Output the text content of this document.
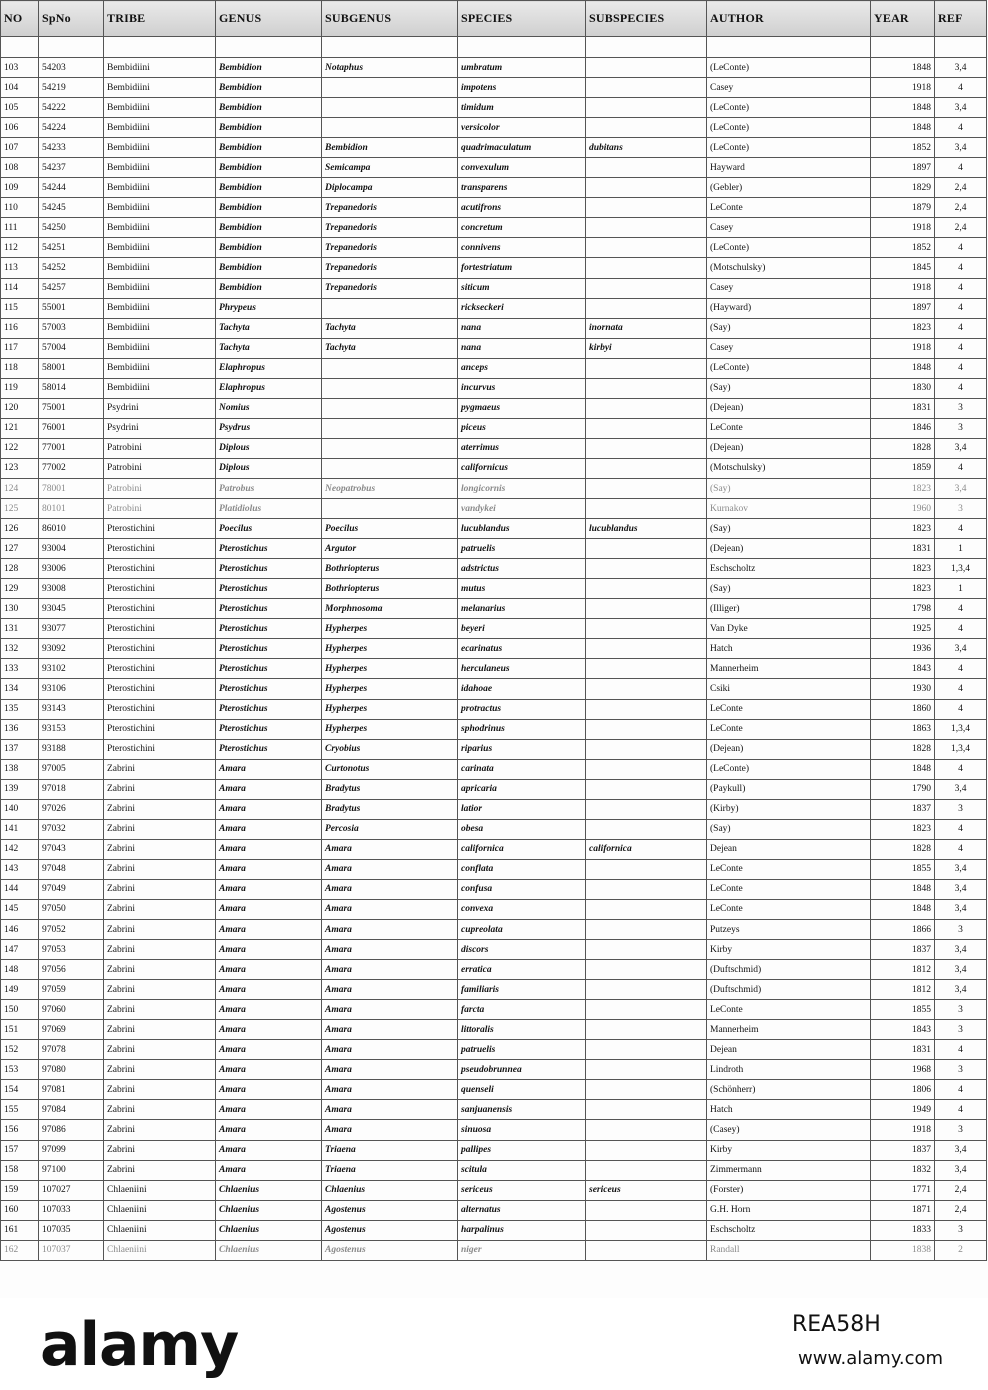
NO	SpNo	TRIBE	GENUS	SUBGENUS	SPECIES	SUBSPECIES	AUTHOR	YEAR	REF

103	54203	Bembidiini	Bembidion	Notaphus	umbratum		(LeConte)	1848	3,4
104	54219	Bembidiini	Bembidion		impotens		Casey	1918	4
105	54222	Bembidiini	Bembidion		timidum		(LeConte)	1848	3,4
106	54224	Bembidiini	Bembidion		versicolor		(LeConte)	1848	4
107	54233	Bembidiini	Bembidion	Bembidion	quadrimaculatum	dubitans	(LeConte)	1852	3,4
108	54237	Bembidiini	Bembidion	Semicampa	convexulum		Hayward	1897	4
109	54244	Bembidiini	Bembidion	Diplocampa	transparens		(Gebler)	1829	2,4
110	54245	Bembidiini	Bembidion	Trepanedoris	acutifrons		LeConte	1879	2,4
111	54250	Bembidiini	Bembidion	Trepanedoris	concretum		Casey	1918	2,4
112	54251	Bembidiini	Bembidion	Trepanedoris	connivens		(LeConte)	1852	4
113	54252	Bembidiini	Bembidion	Trepanedoris	fortestriatum		(Motschulsky)	1845	4
114	54257	Bembidiini	Bembidion	Trepanedoris	siticum		Casey	1918	4
115	55001	Bembidiini	Phrypeus		rickseckeri		(Hayward)	1897	4
116	57003	Bembidiini	Tachyta	Tachyta	nana	inornata	(Say)	1823	4
117	57004	Bembidiini	Tachyta	Tachyta	nana	kirbyi	Casey	1918	4
118	58001	Bembidiini	Elaphropus		anceps		(LeConte)	1848	4
119	58014	Bembidiini	Elaphropus		incurvus		(Say)	1830	4
120	75001	Psydrini	Nomius		pygmaeus		(Dejean)	1831	3
121	76001	Psydrini	Psydrus		piceus		LeConte	1846	3
122	77001	Patrobini	Diplous		aterrimus		(Dejean)	1828	3,4
123	77002	Patrobini	Diplous		californicus		(Motschulsky)	1859	4
124	78001	Patrobini	Patrobus	Neopatrobus	longicornis		(Say)	1823	3,4
125	80101	Patrobini	Platidiolus		vandykei		Kurnakov	1960	3
126	86010	Pterostichini	Poecilus	Poecilus	lucublandus	lucublandus	(Say)	1823	4
127	93004	Pterostichini	Pterostichus	Argutor	patruelis		(Dejean)	1831	1
128	93006	Pterostichini	Pterostichus	Bothriopterus	adstrictus		Eschscholtz	1823	1,3,4
129	93008	Pterostichini	Pterostichus	Bothriopterus	mutus		(Say)	1823	1
130	93045	Pterostichini	Pterostichus	Morphnosoma	melanarius		(Illiger)	1798	4
131	93077	Pterostichini	Pterostichus	Hypherpes	beyeri		Van Dyke	1925	4
132	93092	Pterostichini	Pterostichus	Hypherpes	ecarinatus		Hatch	1936	3,4
133	93102	Pterostichini	Pterostichus	Hypherpes	herculaneus		Mannerheim	1843	4
134	93106	Pterostichini	Pterostichus	Hypherpes	idahoae		Csiki	1930	4
135	93143	Pterostichini	Pterostichus	Hypherpes	protractus		LeConte	1860	4
136	93153	Pterostichini	Pterostichus	Hypherpes	sphodrinus		LeConte	1863	1,3,4
137	93188	Pterostichini	Pterostichus	Cryobius	riparius		(Dejean)	1828	1,3,4
138	97005	Zabrini	Amara	Curtonotus	carinata		(LeConte)	1848	4
139	97018	Zabrini	Amara	Bradytus	apricaria		(Paykull)	1790	3,4
140	97026	Zabrini	Amara	Bradytus	latior		(Kirby)	1837	3
141	97032	Zabrini	Amara	Percosia	obesa		(Say)	1823	4
142	97043	Zabrini	Amara	Amara	californica	californica	Dejean	1828	4
143	97048	Zabrini	Amara	Amara	conflata		LeConte	1855	3,4
144	97049	Zabrini	Amara	Amara	confusa		LeConte	1848	3,4
145	97050	Zabrini	Amara	Amara	convexa		LeConte	1848	3,4
146	97052	Zabrini	Amara	Amara	cupreolata		Putzeys	1866	3
147	97053	Zabrini	Amara	Amara	discors		Kirby	1837	3,4
148	97056	Zabrini	Amara	Amara	erratica		(Duftschmid)	1812	3,4
149	97059	Zabrini	Amara	Amara	familiaris		(Duftschmid)	1812	3,4
150	97060	Zabrini	Amara	Amara	farcta		LeConte	1855	3
151	97069	Zabrini	Amara	Amara	littoralis		Mannerheim	1843	3
152	97078	Zabrini	Amara	Amara	patruelis		Dejean	1831	4
153	97080	Zabrini	Amara	Amara	pseudobrunnea		Lindroth	1968	3
154	97081	Zabrini	Amara	Amara	quenseli		(Schönherr)	1806	4
155	97084	Zabrini	Amara	Amara	sanjuanensis		Hatch	1949	4
156	97086	Zabrini	Amara	Amara	sinuosa		(Casey)	1918	3
157	97099	Zabrini	Amara	Triaena	pallipes		Kirby	1837	3,4
158	97100	Zabrini	Amara	Triaena	scitula		Zimmermann	1832	3,4
159	107027	Chlaeniini	Chlaenius	Chlaenius	sericeus	sericeus	(Forster)	1771	2,4
160	107033	Chlaeniini	Chlaenius	Agostenus	alternatus		G.H. Horn	1871	2,4
161	107035	Chlaeniini	Chlaenius	Agostenus	harpalinus		Eschscholtz	1833	3
162	107037	Chlaeniini	Chlaenius	Agostenus	niger		Randall	1838	2
alamy	REA58H
www.alamy.com
